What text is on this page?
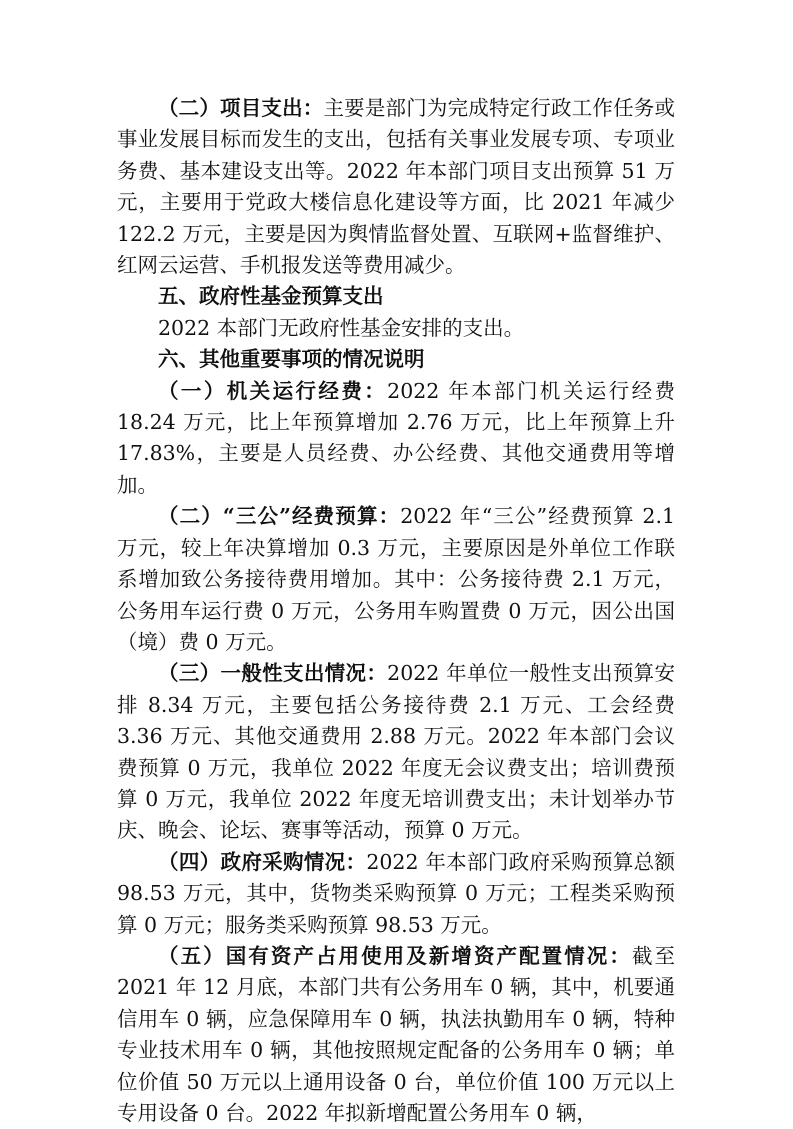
（二）项目支出：主要是部门为完成特定行政工作任务或事业发展目标而发生的支出，包括有关事业发展专项、专项业务费、基本建设支出等。2022 年本部门项目支出预算 51 万元，主要用于党政大楼信息化建设等方面，比 2021 年减少 122.2 万元，主要是因为舆情监督处置、互联网+监督维护、红网云运营、手机报发送等费用减少。

五、政府性基金预算支出

2022 本部门无政府性基金安排的支出。

六、其他重要事项的情况说明

（一）机关运行经费：2022 年本部门机关运行经费 18.24 万元，比上年预算增加 2.76 万元，比上年预算上升 17.83%，主要是人员经费、办公经费、其他交通费用等增加。

（二）“三公”经费预算：2022 年“三公”经费预算 2.1 万元，较上年决算增加 0.3 万元，主要原因是外单位工作联系增加致公务接待费用增加。其中：公务接待费 2.1 万元，公务用车运行费 0 万元，公务用车购置费 0 万元，因公出国（境）费 0 万元。

（三）一般性支出情况：2022 年单位一般性支出预算安排 8.34 万元，主要包括公务接待费 2.1 万元、工会经费 3.36 万元、其他交通费用 2.88 万元。2022 年本部门会议费预算 0 万元，我单位 2022 年度无会议费支出；培训费预算 0 万元，我单位 2022 年度无培训费支出；未计划举办节庆、晚会、论坛、赛事等活动，预算 0 万元。

（四）政府采购情况：2022 年本部门政府采购预算总额 98.53 万元，其中，货物类采购预算 0 万元；工程类采购预算 0 万元；服务类采购预算 98.53 万元。

（五）国有资产占用使用及新增资产配置情况：截至 2021 年 12 月底，本部门共有公务用车 0 辆，其中，机要通信用车 0 辆，应急保障用车 0 辆，执法执勤用车 0 辆，特种专业技术用车 0 辆，其他按照规定配备的公务用车 0 辆；单位价值 50 万元以上通用设备 0 台，单位价值 100 万元以上专用设备 0 台。2022 年拟新增配置公务用车 0 辆，
